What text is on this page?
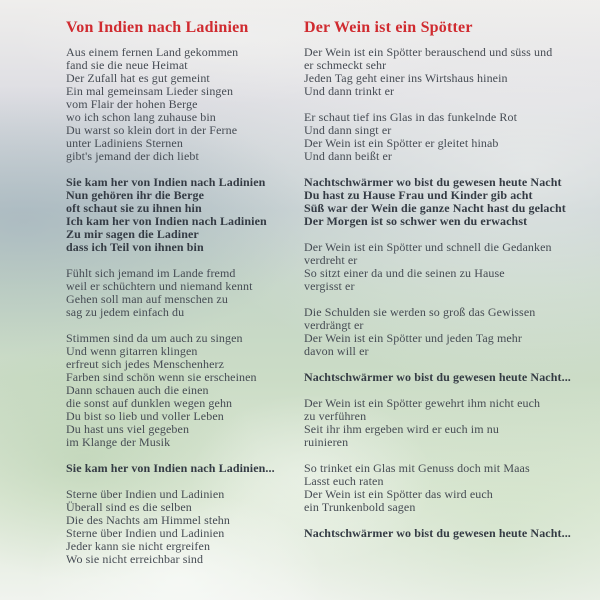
Von Indien nach Ladinien
Aus einem fernen Land gekommen
fand sie die neue Heimat
Der Zufall hat es gut gemeint
Ein mal gemeinsam Lieder singen
vom Flair der hohen Berge
wo ich schon lang zuhause bin
Du warst so klein dort in der Ferne
unter Ladiniens Sternen
gibt's jemand der dich liebt
Sie kam her von Indien nach Ladinien
Nun gehören ihr die Berge
oft schaut sie zu ihnen hin
Ich kam her von Indien nach Ladinien
Zu mir sagen die Ladiner
dass ich Teil von ihnen bin
Fühlt sich jemand im Lande fremd
weil er schüchtern und niemand kennt
Gehen soll man auf menschen zu
sag zu jedem einfach du
Stimmen sind da um auch zu singen
Und wenn gitarren klingen
erfreut sich jedes Menschenherz
Farben sind schön wenn sie erscheinen
Dann schauen auch die einen
die sonst auf dunklen wegen gehn
Du bist so lieb und voller Leben
Du hast uns viel gegeben
im Klange der Musik
Sie kam her von Indien nach Ladinien...
Sterne über Indien und Ladinien
Überall sind es die selben
Die des Nachts am Himmel stehn
Sterne über Indien und Ladinien
Jeder kann sie nicht ergreifen
Wo sie nicht erreichbar sind
Der Wein ist ein Spötter
Der Wein ist ein Spötter berauschend und süss und
er schmeckt sehr
Jeden Tag geht einer ins Wirtshaus hinein
Und dann trinkt er
Er schaut tief ins Glas in das funkelnde Rot
Und dann singt er
Der Wein ist ein Spötter er gleitet hinab
Und dann beißt er
Nachtschwärmer wo bist du gewesen heute Nacht
Du hast zu Hause Frau und Kinder gib acht
Süß war der Wein die ganze Nacht hast du gelacht
Der Morgen ist so schwer wen du erwachst
Der Wein ist ein Spötter und schnell die Gedanken
verdreht er
So sitzt einer da und die seinen zu Hause
vergisst er
Die Schulden sie werden so groß das Gewissen
verdrängt er
Der Wein ist ein Spötter und jeden Tag mehr
davon will er
Nachtschwärmer wo bist du gewesen heute Nacht...
Der Wein ist ein Spötter gewehrt ihm nicht euch
zu verführen
Seit ihr ihm ergeben wird er euch im nu
ruinieren
So trinket ein Glas mit Genuss doch mit Maas
Lasst euch raten
Der Wein ist ein Spötter das wird euch
ein Trunkenbold sagen
Nachtschwärmer wo bist du gewesen heute Nacht...
